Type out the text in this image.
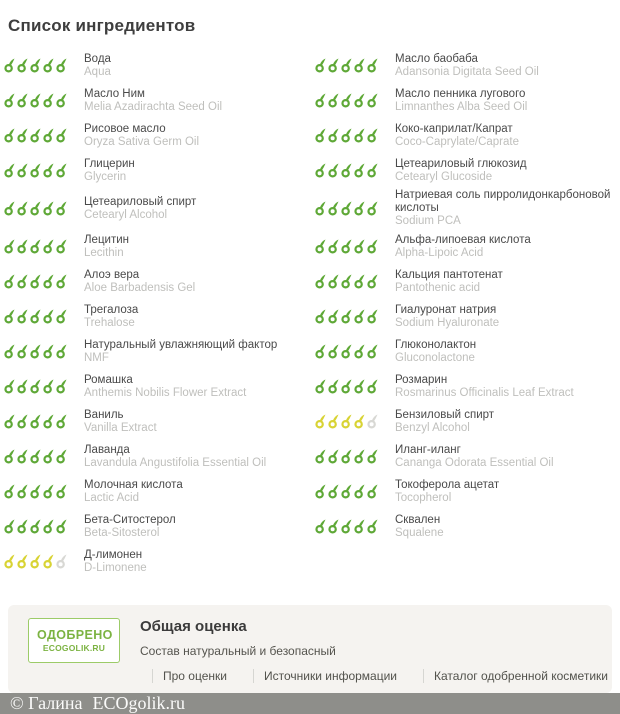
Список ингредиентов
Вода
Aqua
Масло баобаба
Adansonia Digitata Seed Oil
Масло Ним
Melia Azadirachta Seed Oil
Масло пенника лугового
Limnanthes Alba Seed Oil
Рисовое масло
Oryza Sativa Germ Oil
Коко-каприлат/Капрат
Coco-Caprylate/Caprate
Глицерин
Glycerin
Цетеариловый глюкозид
Cetearyl Glucoside
Цетеариловый спирт
Cetearyl Alcohol
Натриевая соль пирролидонкарбоновой кислоты
Sodium PCA
Лецитин
Lecithin
Альфа-липоевая кислота
Alpha-Lipoic Acid
Алоэ вера
Aloe Barbadensis Gel
Кальция пантотенат
Pantothenic acid
Трегалоза
Trehalose
Гиалуронат натрия
Sodium Hyaluronate
Натуральный увлажняющий фактор
NMF
Глюконолактон
Gluconolactone
Ромашка
Anthemis Nobilis Flower Extract
Розмарин
Rosmarinus Officinalis Leaf Extract
Ваниль
Vanilla Extract
Бензиловый спирт
Benzyl Alcohol
Лаванда
Lavandula Angustifolia Essential Oil
Иланг-иланг
Cananga Odorata Essential Oil
Молочная кислота
Lactic Acid
Токоферола ацетат
Tocopherol
Бета-Ситостерол
Beta-Sitosterol
Сквален
Squalene
Д-лимонен
D-Limonene
ОДОБРЕНО
ECOGOLIK.RU
Общая оценка
Состав натуральный и безопасный
Про оценки	Источники информации	Каталог одобренной косметики
© Галина ECOgolik.ru
